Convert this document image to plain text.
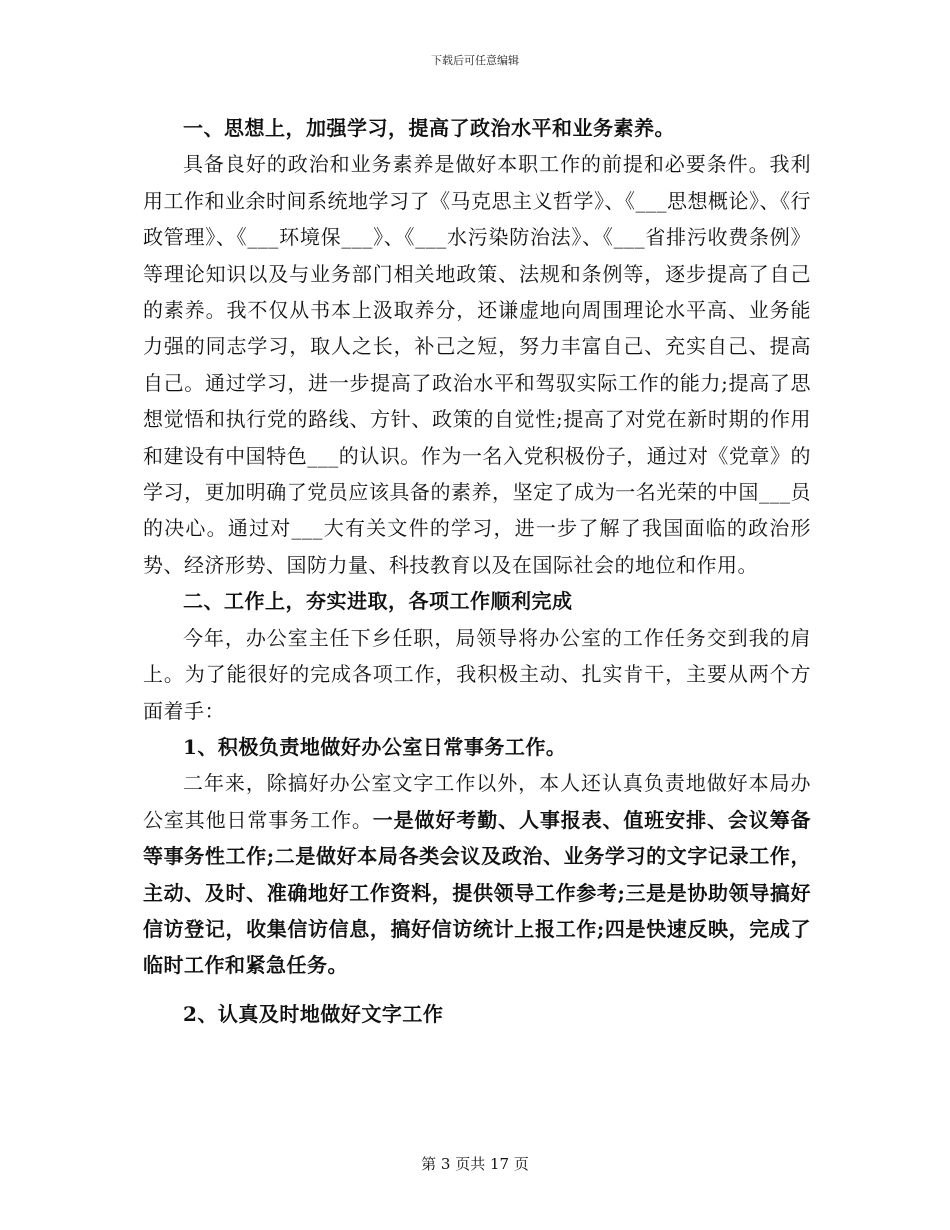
下载后可任意编辑

一、思想上，加强学习，提高了政治水平和业务素养。

具备良好的政治和业务素养是做好本职工作的前提和必要条件。我利用工作和业余时间系统地学习了《马克思主义哲学》、《___思想概论》、《行政管理》、《___环境保___》、《___水污染防治法》、《___省排污收费条例》等理论知识以及与业务部门相关地政策、法规和条例等，逐步提高了自己的素养。我不仅从书本上汲取养分，还谦虚地向周围理论水平高、业务能力强的同志学习，取人之长，补己之短，努力丰富自己、充实自己、提高自己。通过学习，进一步提高了政治水平和驾驭实际工作的能力;提高了思想觉悟和执行党的路线、方针、政策的自觉性;提高了对党在新时期的作用和建设有中国特色___的认识。作为一名入党积极份子，通过对《党章》的学习，更加明确了党员应该具备的素养，坚定了成为一名光荣的中国___员的决心。通过对___大有关文件的学习，进一步了解了我国面临的政治形势、经济形势、国防力量、科技教育以及在国际社会的地位和作用。

二、工作上，夯实进取，各项工作顺利完成

今年，办公室主任下乡任职，局领导将办公室的工作任务交到我的肩上。为了能很好的完成各项工作，我积极主动、扎实肯干，主要从两个方面着手：

1、积极负责地做好办公室日常事务工作。

二年来，除搞好办公室文字工作以外，本人还认真负责地做好本局办公室其他日常事务工作。一是做好考勤、人事报表、值班安排、会议筹备等事务性工作;二是做好本局各类会议及政治、业务学习的文字记录工作，主动、及时、准确地好工作资料，提供领导工作参考;三是是协助领导搞好信访登记，收集信访信息，搞好信访统计上报工作;四是快速反映，完成了临时工作和紧急任务。

2、认真及时地做好文字工作

第 3 页共 17 页
